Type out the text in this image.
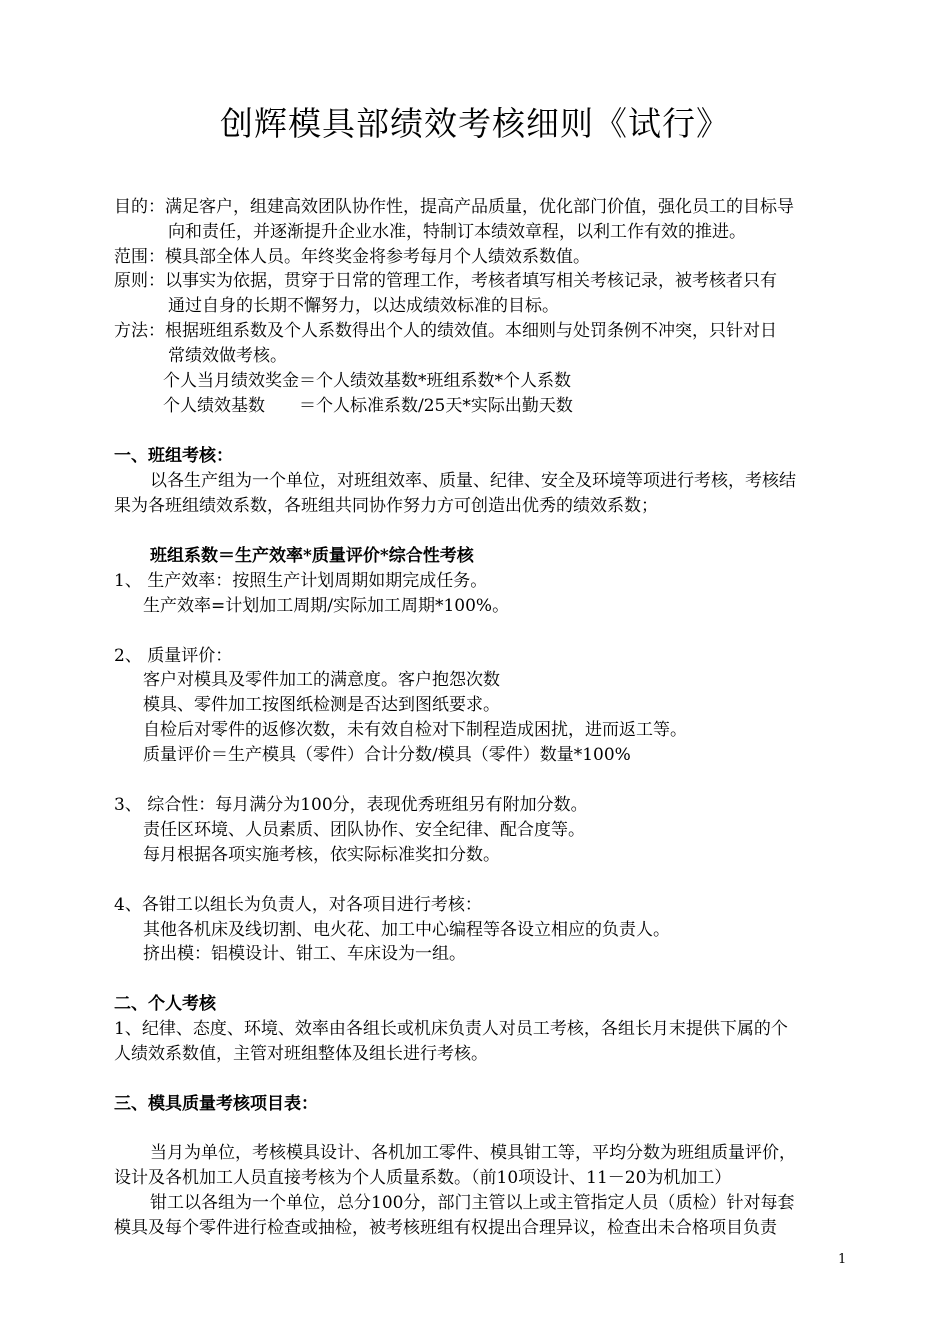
创辉模具部绩效考核细则《试行》
目的：满足客户，组建高效团队协作性，提高产品质量，优化部门价值，强化员工的目标导
向和责任，并逐渐提升企业水准，特制订本绩效章程，以利工作有效的推进。
范围：模具部全体人员。年终奖金将参考每月个人绩效系数值。
原则：以事实为依据，贯穿于日常的管理工作，考核者填写相关考核记录，被考核者只有
通过自身的长期不懈努力，以达成绩效标准的目标。
方法：根据班组系数及个人系数得出个人的绩效值。本细则与处罚条例不冲突，只针对日
常绩效做考核。
个人当月绩效奖金＝个人绩效基数*班组系数*个人系数
个人绩效基数　　＝个人标准系数/25天*实际出勤天数
一、班组考核：
以各生产组为一个单位，对班组效率、质量、纪律、安全及环境等项进行考核，考核结
果为各班组绩效系数，各班组共同协作努力方可创造出优秀的绩效系数；
班组系数＝生产效率*质量评价*综合性考核
1、 生产效率：按照生产计划周期如期完成任务。
生产效率=计划加工周期/实际加工周期*100%。
2、 质量评价：
客户对模具及零件加工的满意度。客户抱怨次数
模具、零件加工按图纸检测是否达到图纸要求。
自检后对零件的返修次数，未有效自检对下制程造成困扰，进而返工等。
质量评价＝生产模具（零件）合计分数/模具（零件）数量*100%
3、 综合性：每月满分为100分，表现优秀班组另有附加分数。
责任区环境、人员素质、团队协作、安全纪律、配合度等。
每月根据各项实施考核，依实际标准奖扣分数。
4、各钳工以组长为负责人，对各项目进行考核：
其他各机床及线切割、电火花、加工中心编程等各设立相应的负责人。
挤出模：铝模设计、钳工、车床设为一组。
二、个人考核
1、纪律、态度、环境、效率由各组长或机床负责人对员工考核，各组长月末提供下属的个
人绩效系数值，主管对班组整体及组长进行考核。
三、模具质量考核项目表：
当月为单位，考核模具设计、各机加工零件、模具钳工等，平均分数为班组质量评价，
设计及各机加工人员直接考核为个人质量系数。（前10项设计、11－20为机加工）
钳工以各组为一个单位，总分100分，部门主管以上或主管指定人员（质检）针对每套
模具及每个零件进行检查或抽检，被考核班组有权提出合理异议，检查出未合格项目负责
1
